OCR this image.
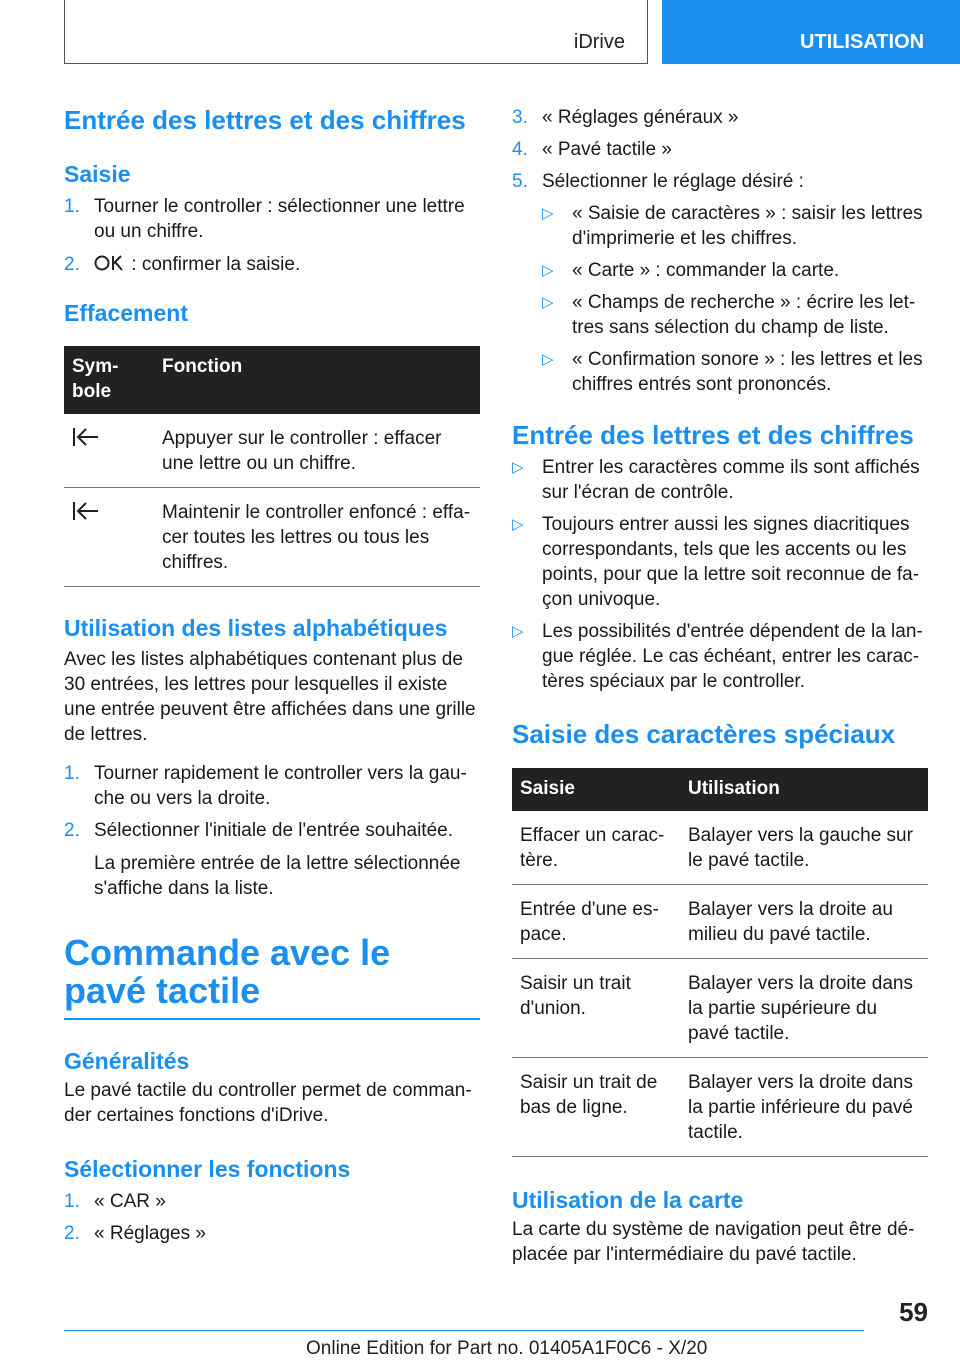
iDrive	UTILISATION
Entrée des lettres et des chiffres
Saisie
1. Tourner le controller : sélectionner une lettre ou un chiffre.
2. : confirmer la saisie.
Effacement
Sym-
bole	Fonction
	Appuyer sur le controller : effacer une lettre ou un chiffre.
	Maintenir le controller enfoncé : effa- cer toutes les lettres ou tous les chiffres.
Utilisation des listes alphabétiques

Avec les listes alphabétiques contenant plus de 30 entrées, les lettres pour lesquelles il existe une entrée peuvent être affichées dans une grille de lettres.

1. Tourner rapidement le controller vers la gau- che ou vers la droite.
2. Sélectionner l'initiale de l'entrée souhaitée.

La première entrée de la lettre sélectionnée s'affiche dans la liste.

Commande avec le pavé tactile
Généralités

Le pavé tactile du controller permet de comman- der certaines fonctions d'iDrive.

Sélectionner les fonctions
1. « CAR »
2. « Réglages »
3. « Réglages généraux »
4. « Pavé tactile »
5. Sélectionner le réglage désiré :
▷ « Saisie de caractères » : saisir les lettres d'imprimerie et les chiffres.
▷ « Carte » : commander la carte.
▷ « Champs de recherche » : écrire les let- tres sans sélection du champ de liste.
▷ « Confirmation sonore » : les lettres et les chiffres entrés sont prononcés.
Entrée des lettres et des chiffres
▷ Entrer les caractères comme ils sont affichés sur l'écran de contrôle.
▷ Toujours entrer aussi les signes diacritiques correspondants, tels que les accents ou les points, pour que la lettre soit reconnue de fa- çon univoque.
▷ Les possibilités d'entrée dépendent de la lan- gue réglée. Le cas échéant, entrer les carac- tères spéciaux par le controller.
Saisie des caractères spéciaux
Saisie	Utilisation
Effacer un carac- tère.	Balayer vers la gauche sur le pavé tactile.
Entrée d'une es- pace.	Balayer vers la droite au milieu du pavé tactile.
Saisir un trait d'union.	Balayer vers la droite dans la partie supérieure du pavé tactile.
Saisir un trait de bas de ligne.	Balayer vers la droite dans la partie inférieure du pavé tactile.
Utilisation de la carte

La carte du système de navigation peut être dé- placée par l'intermédiaire du pavé tactile.

59
Online Edition for Part no. 01405A1F0C6 - X/20
